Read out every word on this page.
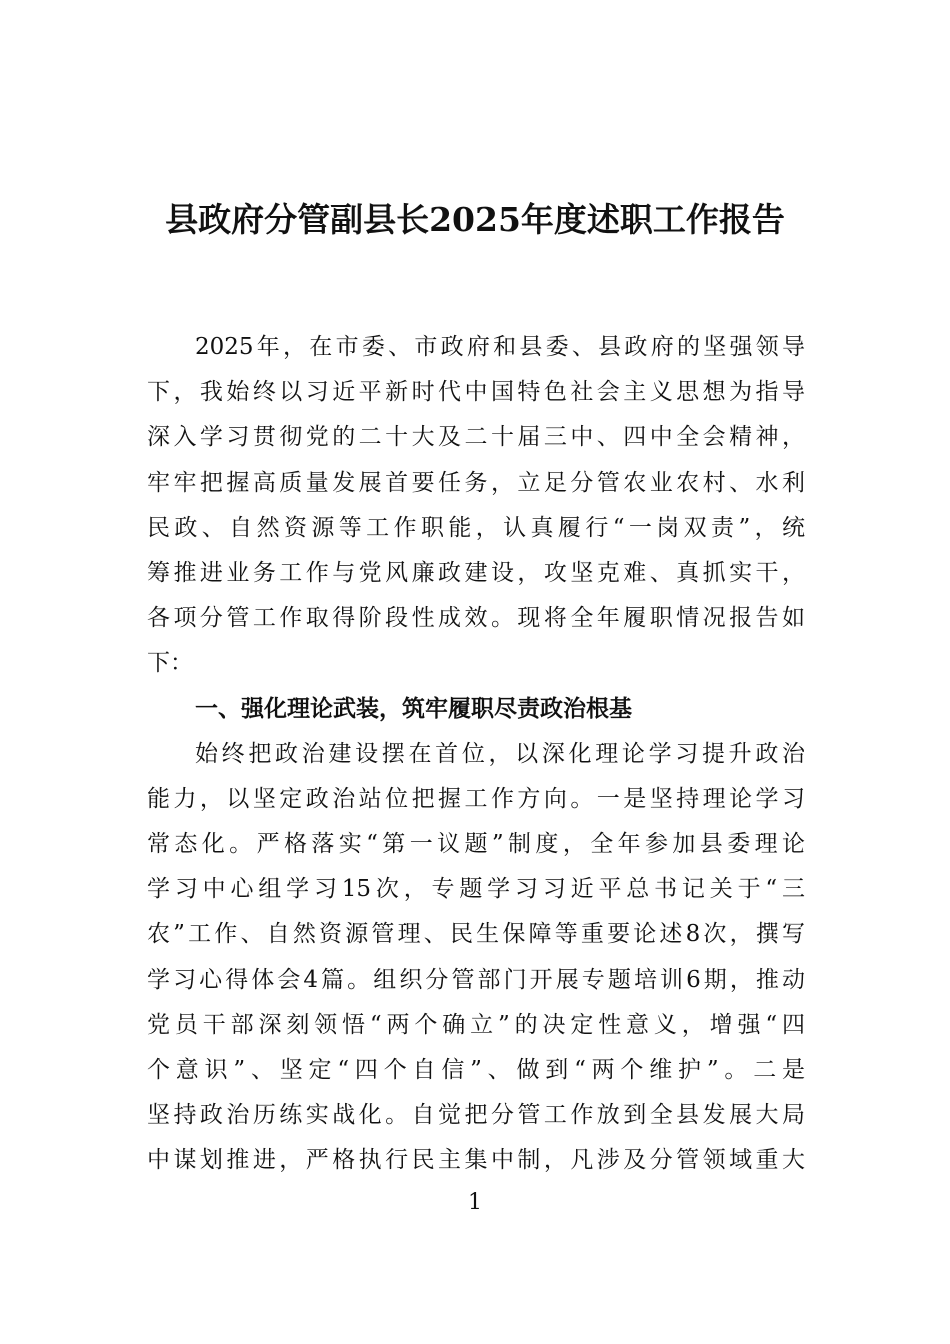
县政府分管副县长2025年度述职工作报告
2025年，在市委、市政府和县委、县政府的坚强领导
下，我始终以习近平新时代中国特色社会主义思想为指导
深入学习贯彻党的二十大及二十届三中、四中全会精神，
牢牢把握高质量发展首要任务，立足分管农业农村、水利
民政、自然资源等工作职能，认真履行“一岗双责”，统
筹推进业务工作与党风廉政建设，攻坚克难、真抓实干，
各项分管工作取得阶段性成效。现将全年履职情况报告如
下：
一、强化理论武装，筑牢履职尽责政治根基
始终把政治建设摆在首位，以深化理论学习提升政治
能力，以坚定政治站位把握工作方向。一是坚持理论学习
常态化。严格落实“第一议题”制度，全年参加县委理论
学习中心组学习15次，专题学习习近平总书记关于“三
农”工作、自然资源管理、民生保障等重要论述8次，撰写
学习心得体会4篇。组织分管部门开展专题培训6期，推动
党员干部深刻领悟“两个确立”的决定性意义，增强“四
个意识”、坚定“四个自信”、做到“两个维护”。二是
坚持政治历练实战化。自觉把分管工作放到全县发展大局
中谋划推进，严格执行民主集中制，凡涉及分管领域重大
1
